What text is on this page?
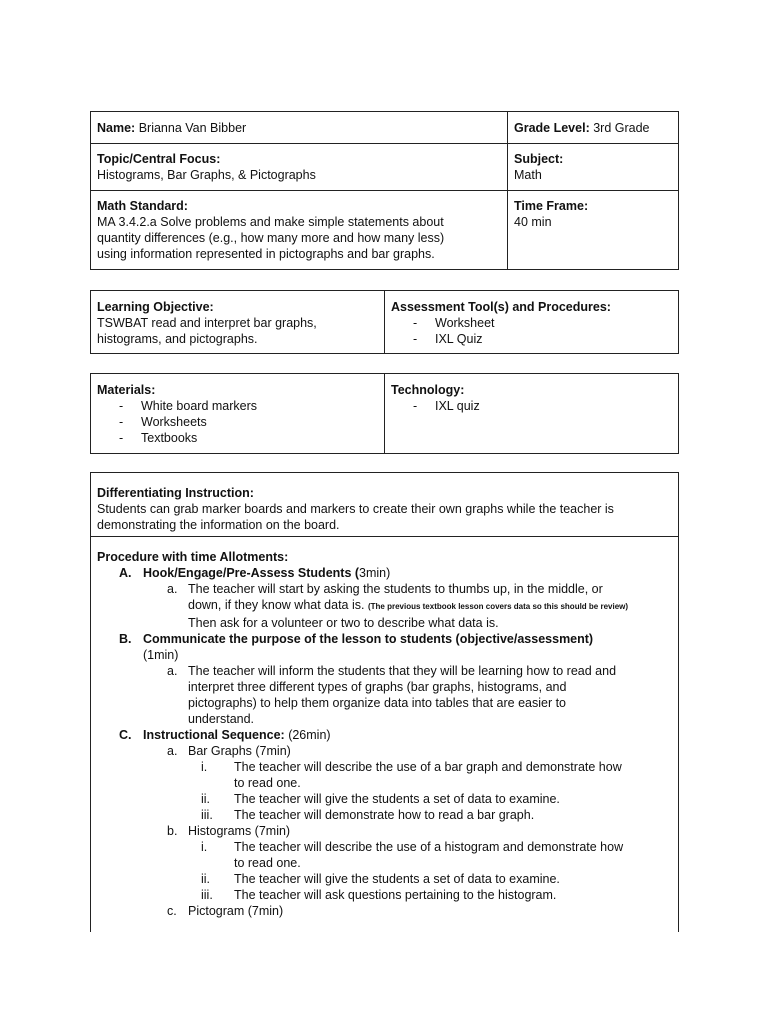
Name: Brianna Van Bibber	Grade Level: 3rd Grade
Topic/Central Focus:
Histograms, Bar Graphs, & Pictographs
Subject:
Math
Math Standard:
MA 3.4.2.a Solve problems and make simple statements about
quantity differences (e.g., how many more and how many less)
using information represented in pictographs and bar graphs.
Time Frame:
40 min
Learning Objective:
TSWBAT read and interpret bar graphs,
histograms, and pictographs.
Assessment Tool(s) and Procedures:
- Worksheet
- IXL Quiz
Materials:
- White board markers
- Worksheets
- Textbooks
Technology:
- IXL quiz
Differentiating Instruction:
Students can grab marker boards and markers to create their own graphs while the teacher is
demonstrating the information on the board.
Procedure with time Allotments:
A. Hook/Engage/Pre-Assess Students (3min)
a. The teacher will start by asking the students to thumbs up, in the middle, or
down, if they know what data is. (The previous textbook lesson covers data so this should be review)
Then ask for a volunteer or two to describe what data is.
B. Communicate the purpose of the lesson to students (objective/assessment)
(1min)
a. The teacher will inform the students that they will be learning how to read and
interpret three different types of graphs (bar graphs, histograms, and
pictographs) to help them organize data into tables that are easier to
understand.
C. Instructional Sequence: (26min)
a. Bar Graphs (7min)
i. The teacher will describe the use of a bar graph and demonstrate how
to read one.
ii. The teacher will give the students a set of data to examine.
iii. The teacher will demonstrate how to read a bar graph.
b. Histograms (7min)
i. The teacher will describe the use of a histogram and demonstrate how
to read one.
ii. The teacher will give the students a set of data to examine.
iii. The teacher will ask questions pertaining to the histogram.
c. Pictogram (7min)
